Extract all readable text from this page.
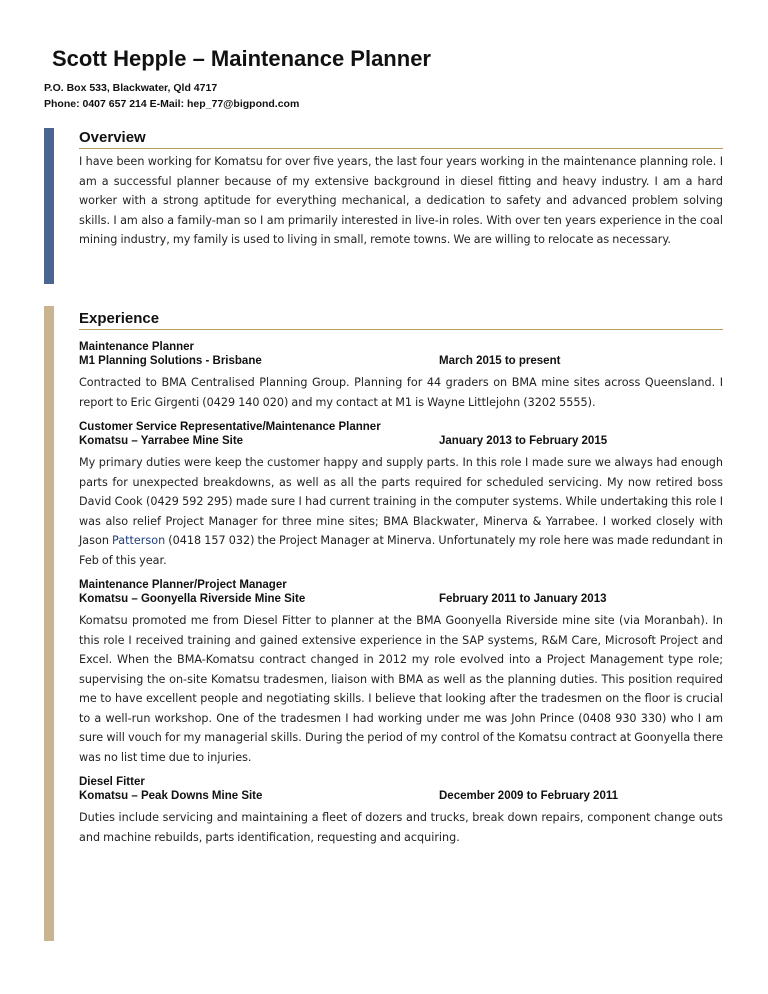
Scott Hepple – Maintenance Planner
P.O. Box 533, Blackwater, Qld 4717
Phone: 0407 657 214 E-Mail: hep_77@bigpond.com
Overview

I have been working for Komatsu for over five years, the last four years working in the maintenance planning role. I am a successful planner because of my extensive background in diesel fitting and heavy industry. I am a hard worker with a strong aptitude for everything mechanical, a dedication to safety and advanced problem solving skills. I am also a family-man so I am primarily interested in live-in roles. With over ten years experience in the coal mining industry, my family is used to living in small, remote towns. We are willing to relocate as necessary.

Experience
Maintenance Planner
M1 Planning Solutions - Brisbane	March 2015 to present

Contracted to BMA Centralised Planning Group. Planning for 44 graders on BMA mine sites across Queensland. I report to Eric Girgenti (0429 140 020) and my contact at M1 is Wayne Littlejohn (3202 5555).

Customer Service Representative/Maintenance Planner
Komatsu – Yarrabee Mine Site	January 2013 to February 2015

My primary duties were keep the customer happy and supply parts. In this role I made sure we always had enough parts for unexpected breakdowns, as well as all the parts required for scheduled servicing. My now retired boss David Cook (0429 592 295) made sure I had current training in the computer systems. While undertaking this role I was also relief Project Manager for three mine sites; BMA Blackwater, Minerva & Yarrabee. I worked closely with Jason Patterson (0418 157 032) the Project Manager at Minerva. Unfortunately my role here was made redundant in Feb of this year.

Maintenance Planner/Project Manager
Komatsu – Goonyella Riverside Mine Site	February 2011 to January 2013

Komatsu promoted me from Diesel Fitter to planner at the BMA Goonyella Riverside mine site (via Moranbah). In this role I received training and gained extensive experience in the SAP systems, R&M Care, Microsoft Project and Excel. When the BMA-Komatsu contract changed in 2012 my role evolved into a Project Management type role; supervising the on-site Komatsu tradesmen, liaison with BMA as well as the planning duties. This position required me to have excellent people and negotiating skills. I believe that looking after the tradesmen on the floor is crucial to a well-run workshop. One of the tradesmen I had working under me was John Prince (0408 930 330) who I am sure will vouch for my managerial skills. During the period of my control of the Komatsu contract at Goonyella there was no list time due to injuries.

Diesel Fitter
Komatsu – Peak Downs Mine Site	December 2009 to February 2011

Duties include servicing and maintaining a fleet of dozers and trucks, break down repairs, component change outs and machine rebuilds, parts identification, requesting and acquiring.
